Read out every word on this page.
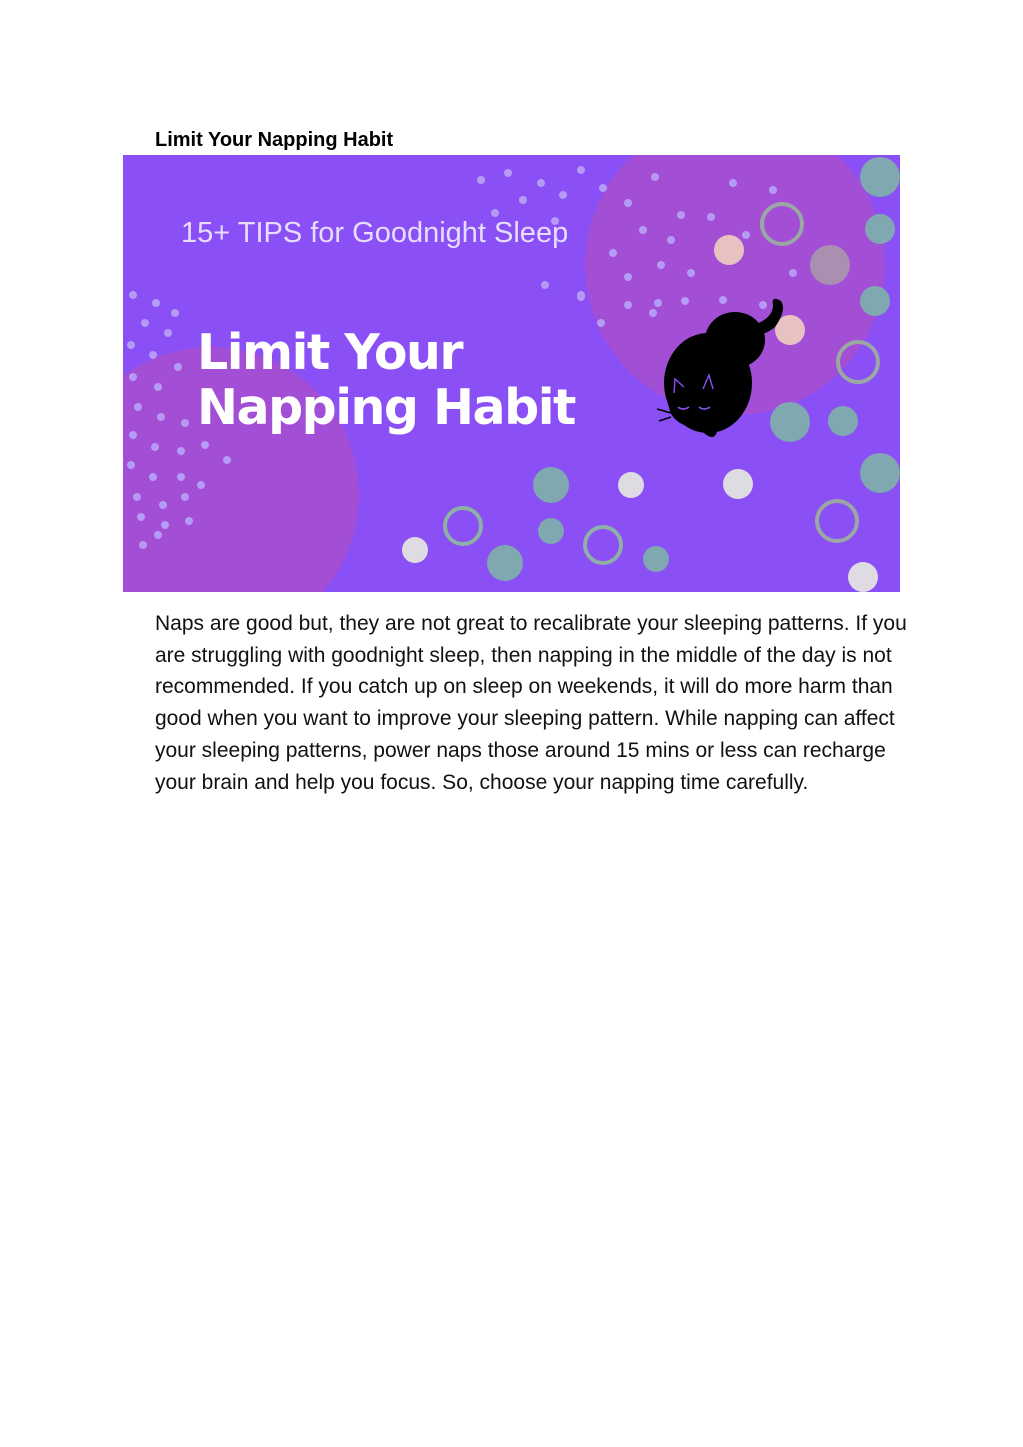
Limit Your Napping Habit
15+ TIPS for Goodnight Sleep
Limit Your
Napping Habit

Naps are good but, they are not great to recalibrate your sleeping patterns. If you are struggling with goodnight sleep, then napping in the middle of the day is not recommended. If you catch up on sleep on weekends, it will do more harm than good when you want to improve your sleeping pattern. While napping can affect your sleeping patterns, power naps those around 15 mins or less can recharge your brain and help you focus. So, choose your napping time carefully.
